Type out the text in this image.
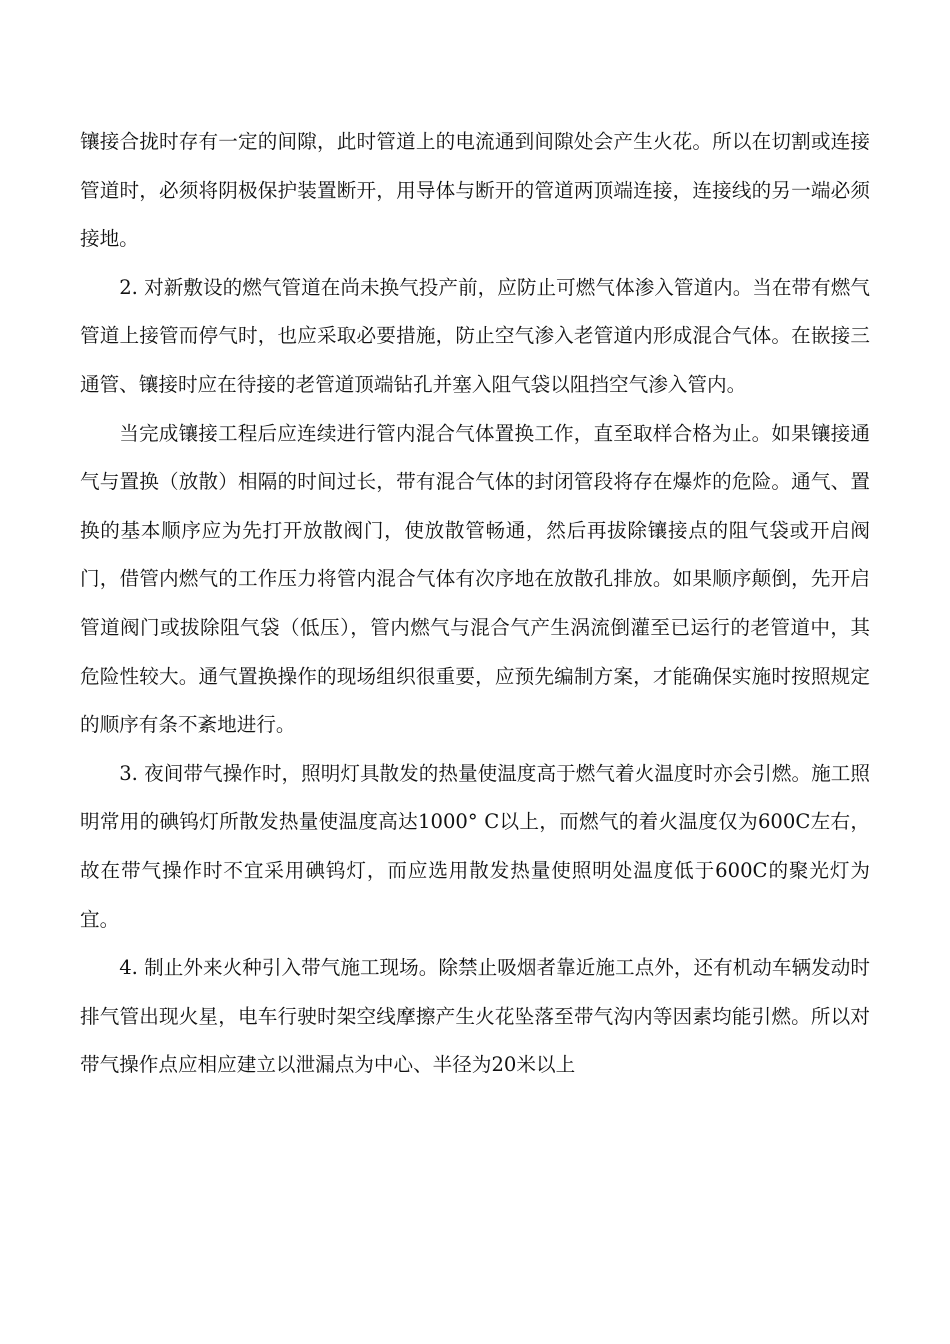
镶接合拢时存有一定的间隙，此时管道上的电流通到间隙处会产生火花。所以在切割或连接管道时，必须将阴极保护装置断开，用导体与断开的管道两顶端连接，连接线的另一端必须接地。

2. 对新敷设的燃气管道在尚未换气投产前，应防止可燃气体渗入管道内。当在带有燃气管道上接管而停气时，也应采取必要措施，防止空气渗入老管道内形成混合气体。在嵌接三通管、镶接时应在待接的老管道顶端钻孔并塞入阻气袋以阻挡空气渗入管内。

当完成镶接工程后应连续进行管内混合气体置换工作，直至取样合格为止。如果镶接通气与置换（放散）相隔的时间过长，带有混合气体的封闭管段将存在爆炸的危险。通气、置换的基本顺序应为先打开放散阀门，使放散管畅通，然后再拔除镶接点的阻气袋或开启阀门，借管内燃气的工作压力将管内混合气体有次序地在放散孔排放。如果顺序颠倒，先开启管道阀门或拔除阻气袋（低压），管内燃气与混合气产生涡流倒灌至已运行的老管道中，其危险性较大。通气置换操作的现场组织很重要，应预先编制方案，才能确保实施时按照规定的顺序有条不紊地进行。

3. 夜间带气操作时，照明灯具散发的热量使温度高于燃气着火温度时亦会引燃。施工照明常用的碘钨灯所散发热量使温度高达1000° C以上，而燃气的着火温度仅为600C左右，故在带气操作时不宜采用碘钨灯，而应选用散发热量使照明处温度低于600C的聚光灯为宜。

4. 制止外来火种引入带气施工现场。除禁止吸烟者靠近施工点外，还有机动车辆发动时排气管出现火星，电车行驶时架空线摩擦产生火花坠落至带气沟内等因素均能引燃。所以对带气操作点应相应建立以泄漏点为中心、半径为20米以上
